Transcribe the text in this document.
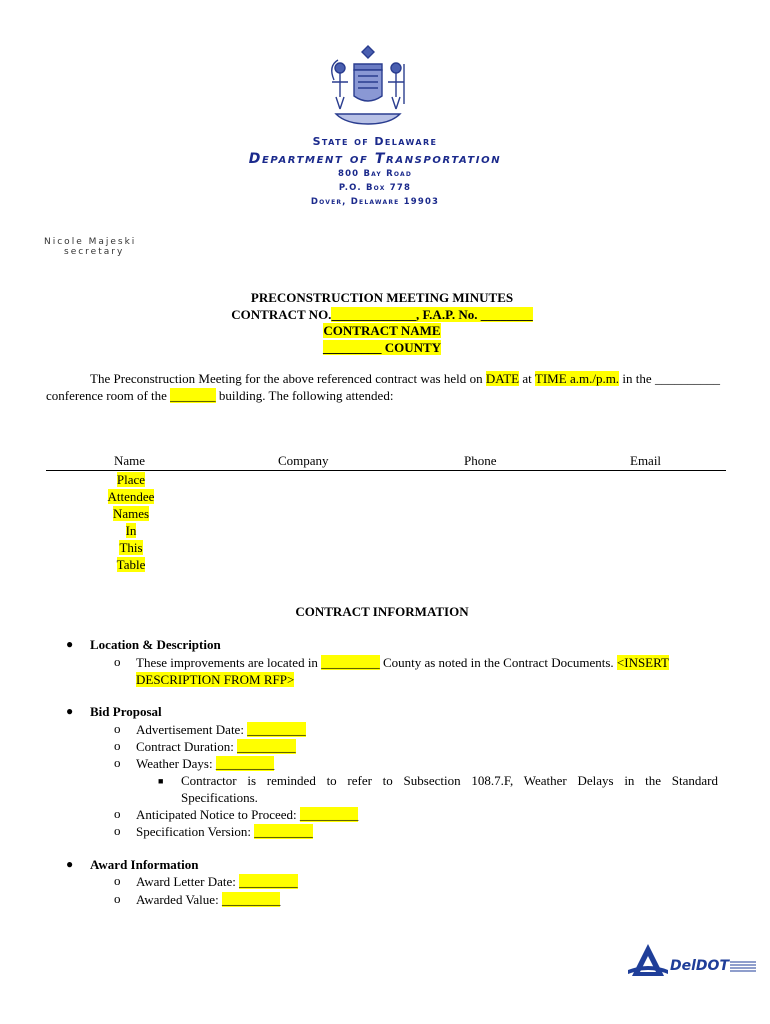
State of Delaware
Department of Transportation
800 Bay Road
P.O. Box 778
Dover, Delaware 19903
Nicole Majeski
secretary
PRECONSTRUCTION MEETING MINUTES
CONTRACT NO._____________, F.A.P. No. ________
CONTRACT NAME
_________ COUNTY
The Preconstruction Meeting for the above referenced contract was held on DATE at TIME a.m./p.m. in the __________ conference room of the _______ building. The following attended:
Name	Company	Phone	Email
Place
Attendee
Names
In
This
Table
CONTRACT INFORMATION
● Location & Description
o These improvements are located in _________ County as noted in the Contract Documents. <INSERT
DESCRIPTION FROM RFP>
● Bid Proposal
o Advertisement Date: _________
o Contract Duration: _________
o Weather Days: _________
■ Contractor is reminded to refer to Subsection 108.7.F, Weather Delays in the Standard
Specifications.
o Anticipated Notice to Proceed: _________
o Specification Version: _________
● Award Information
o Award Letter Date: _________
o Awarded Value: _________
DelDOT
